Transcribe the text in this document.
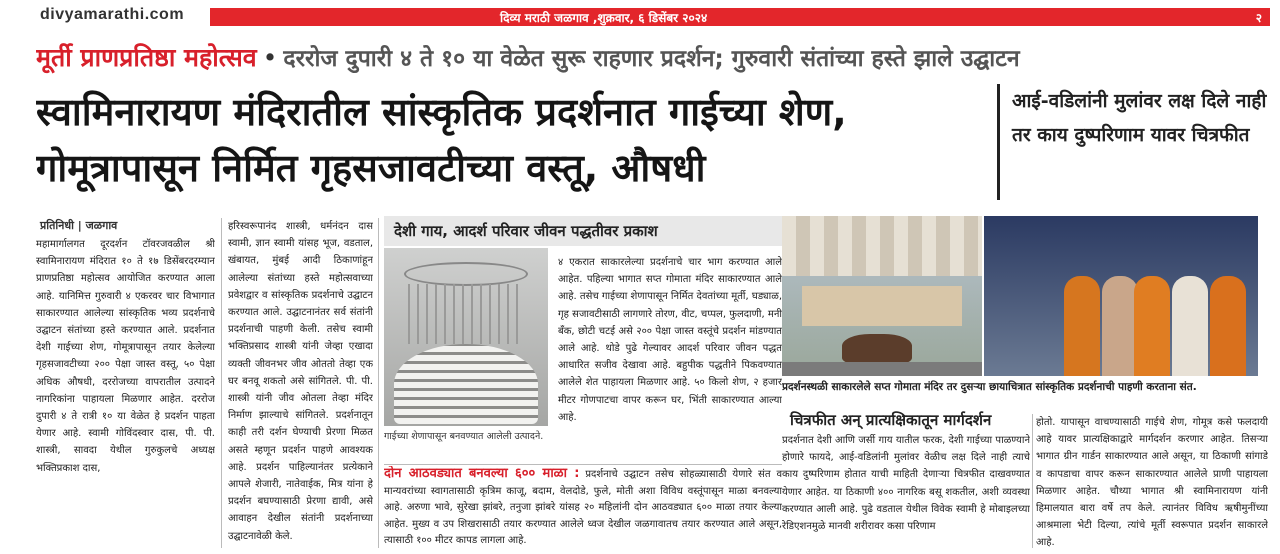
divyamarathi.com	दिव्य मराठी जळगाव ,शुक्रवार, ६ डिसेंबर २०२४	२
मूर्ती प्राणप्रतिष्ठा महोत्सव • दररोज दुपारी ४ ते १० या वेळेत सुरू राहणार प्रदर्शन; गुरुवारी संतांच्या हस्ते झाले उद्घाटन
स्वामिनारायण मंदिरातील सांस्कृतिक प्रदर्शनात गाईच्या शेण, गोमूत्रापासून निर्मित गृहसजावटीच्या वस्तू, औषधी
आई-वडिलांनी मुलांवर लक्ष दिले नाही तर काय दुष्परिणाम यावर चित्रफीत
प्रतिनिधी | जळगाव
महामार्गालगत दूरदर्शन टॉवरजवळील श्री स्वामिनारायण मंदिरात १० ते १७ डिसेंबरदरम्यान प्राणप्रतिष्ठा महोत्सव आयोजित करण्यात आला आहे. यानिमित्त गुरुवारी ४ एकरवर चार विभागात साकारण्यात आलेल्या सांस्कृतिक भव्य प्रदर्शनाचे उद्घाटन संतांच्या हस्ते करण्यात आले. प्रदर्शनात देशी गाईच्या शेण, गोमूत्रापासून तयार केलेल्या गृहसजावटीच्या २०० पेक्षा जास्त वस्तू, ५० पेक्षा अधिक औषधी, दररोजच्या वापरातील उत्पादने नागरिकांना पाहायला मिळणार आहेत. दररोज दुपारी ४ ते रात्री १० या वेळेत हे प्रदर्शन पाहता येणार आहे. स्वामी गोविंदस्वार दास, पी. पी. शास्त्री, सावदा येथील गुरुकुलचे अध्यक्ष भक्तिप्रकाश दास,
हरिस्वरूपानंद शास्त्री, धर्मनंदन दास स्वामी, ज्ञान स्वामी यांसह भूज, वडताल, खंबायत, मुंबई आदी ठिकाणांहून आलेल्या संतांच्या हस्ते महोत्सवाच्या प्रवेशद्वार व सांस्कृतिक प्रदर्शनाचे उद्घाटन करण्यात आले. उद्घाटनानंतर सर्व संतांनी प्रदर्शनाची पाहणी केली. तसेच स्वामी भक्तिप्रसाद शास्त्री यांनी जेव्हा एखादा व्यक्ती जीवनभर जीव ओततो तेव्हा एक घर बनवू शकतो असे सांगितले. पी. पी. शास्त्री यांनी जीव ओतला तेव्हा मंदिर निर्माण झाल्याचे सांगितले. प्रदर्शनातून काही तरी दर्शन घेण्याची प्रेरणा मिळत असते म्हणून प्रदर्शन पाहणे आवश्यक आहे. प्रदर्शन पाहिल्यानंतर प्रत्येकाने आपले शेजारी, नातेवाईक, मित्र यांना हे प्रदर्शन बघण्यासाठी प्रेरणा द्यावी, असे आवाहन देखील संतांनी प्रदर्शनाच्या उद्घाटनावेळी केले.
देशी गाय, आदर्श परिवार जीवन पद्धतीवर प्रकाश
गाईच्या शेणापासून बनवण्यात आलेली उत्पादने.
४ एकरात साकारलेल्या प्रदर्शनाचे चार भाग करण्यात आले आहेत. पहिल्या भागात सप्त गोमाता मंदिर साकारण्यात आले आहे. तसेच गाईच्या शेणापासून निर्मित देवतांच्या मूर्ती, घड्याळ, गृह सजावटीसाठी लागणारे तोरण, वीट, चप्पल, फुलदाणी, मनी बँक, छोटी चटई असे २०० पेक्षा जास्त वस्तूंचे प्रदर्शन मांडण्यात आले आहे. थोडे पुढे गेल्यावर आदर्श परिवार जीवन पद्धत आधारित सजीव देखावा आहे. बहुपीक पद्धतीने पिकवण्यात आलेले शेत पाहायला मिळणार आहे. ५० किलो शेण, २ हजार मीटर गोणपाटचा वापर करून घर, भिंती साकारण्यात आल्या आहे.
दोन आठवड्यात बनवल्या ६०० माळा : प्रदर्शनाचे उद्घाटन तसेच सोहळ्यासाठी येणारे संत व मान्यवरांच्या स्वागतासाठी कृत्रिम काजू, बदाम, वेलदोडे, फुले, मोती अशा विविध वस्तूंपासून माळा बनवल्या आहे. अरुणा भावे, सुरेखा झांबरे, तनुजा झांबरे यांसह २० महिलांनी दोन आठवड्यात ६०० माळा तयार केल्या आहेत. मुख्य व उप शिखरासाठी तयार करण्यात आलेले ध्वज देखील जळगावातच तयार करण्यात आले असून, त्यासाठी १०० मीटर कापड लागला आहे.
प्रदर्शनस्थळी साकारलेले सप्त गोमाता मंदिर तर दुसऱ्या छायाचित्रात सांस्कृतिक प्रदर्शनाची पाहणी करताना संत.
चित्रफीत अन् प्रात्यक्षिकातून मार्गदर्शन
प्रदर्शनात देशी आणि जर्सी गाय यातील फरक, देशी गाईच्या पाळण्याने होणारे फायदे, आई-वडिलांनी मुलांवर वेळीच लक्ष दिले नाही त्याचे काय दुष्परिणाम होतात याची माहिती देणाऱ्या चित्रफीत दाखवण्यात येणार आहेत. या ठिकाणी ४०० नागरिक बसू शकतील, अशी व्यवस्था करण्यात आली आहे. पुढे वडताल येथील विवेक स्वामी हे मोबाइलच्या रेडिएशनमुळे मानवी शरीरावर कसा परिणाम
होतो. यापासून वाचण्यासाठी गाईचे शेण, गोमूत्र कसे फलदायी आहे यावर प्रात्यक्षिकाद्वारे मार्गदर्शन करणार आहेत. तिसऱ्या भागात ग्रीन गार्डन साकारण्यात आले असून, या ठिकाणी सांगाडे व कापडाचा वापर करून साकारण्यात आलेले प्राणी पाहायला मिळणार आहेत. चौथ्या भागात श्री स्वामिनारायण यांनी हिमालयात बारा वर्षे तप केले. त्यानंतर विविध ऋषीमुनींच्या आश्रमाला भेटी दिल्या, त्यांचे मूर्ती स्वरूपात प्रदर्शन साकारले आहे.
